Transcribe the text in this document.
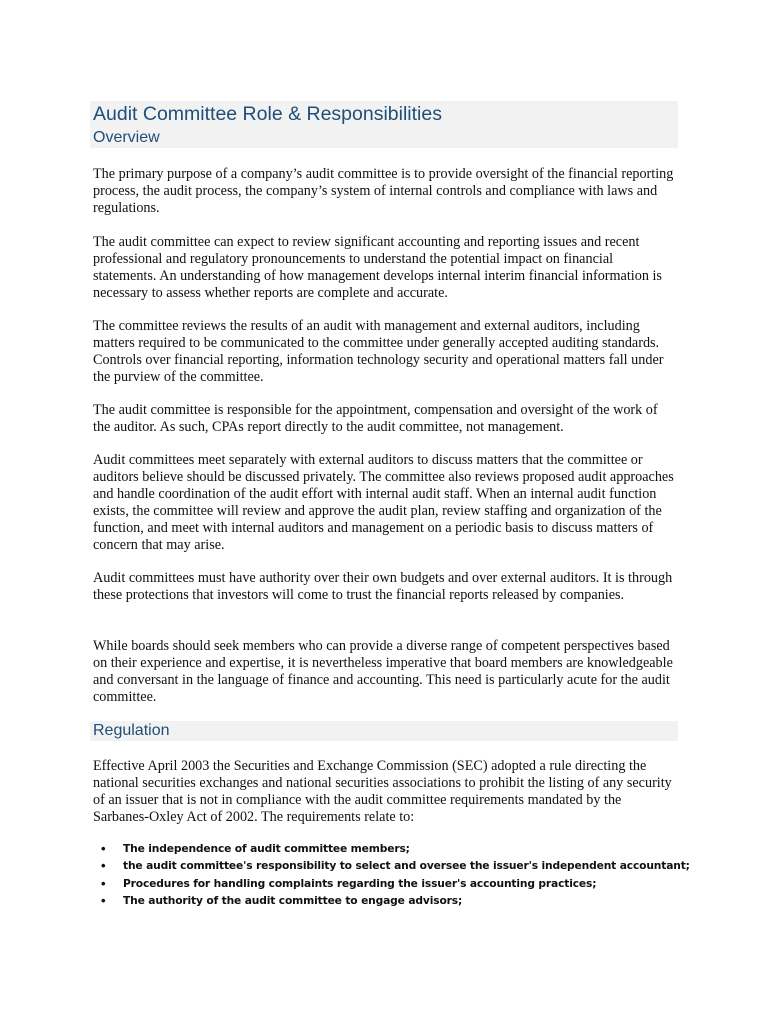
Audit Committee Role & Responsibilities
Overview

The primary purpose of a company’s audit committee is to provide oversight of the financial reporting process, the audit process, the company’s system of internal controls and compliance with laws and regulations.

The audit committee can expect to review significant accounting and reporting issues and recent professional and regulatory pronouncements to understand the potential impact on financial statements. An understanding of how management develops internal interim financial information is necessary to assess whether reports are complete and accurate.

The committee reviews the results of an audit with management and external auditors, including matters required to be communicated to the committee under generally accepted auditing standards. Controls over financial reporting, information technology security and operational matters fall under the purview of the committee.

The audit committee is responsible for the appointment, compensation and oversight of the work of the auditor. As such, CPAs report directly to the audit committee, not management.

Audit committees meet separately with external auditors to discuss matters that the committee or auditors believe should be discussed privately. The committee also reviews proposed audit approaches and handle coordination of the audit effort with internal audit staff. When an internal audit function exists, the committee will review and approve the audit plan, review staffing and organization of the function, and meet with internal auditors and management on a periodic basis to discuss matters of concern that may arise.

Audit committees must have authority over their own budgets and over external auditors. It is through these protections that investors will come to trust the financial reports released by companies.

While boards should seek members who can provide a diverse range of competent perspectives based on their experience and expertise, it is nevertheless imperative that board members are knowledgeable and conversant in the language of finance and accounting. This need is particularly acute for the audit committee.

Regulation

Effective April 2003 the Securities and Exchange Commission (SEC) adopted a rule directing the national securities exchanges and national securities associations to prohibit the listing of any security of an issuer that is not in compliance with the audit committee requirements mandated by the Sarbanes-Oxley Act of 2002. The requirements relate to:

• The independence of audit committee members;
• the audit committee's responsibility to select and oversee the issuer's independent accountant;
• Procedures for handling complaints regarding the issuer's accounting practices;
• The authority of the audit committee to engage advisors;
